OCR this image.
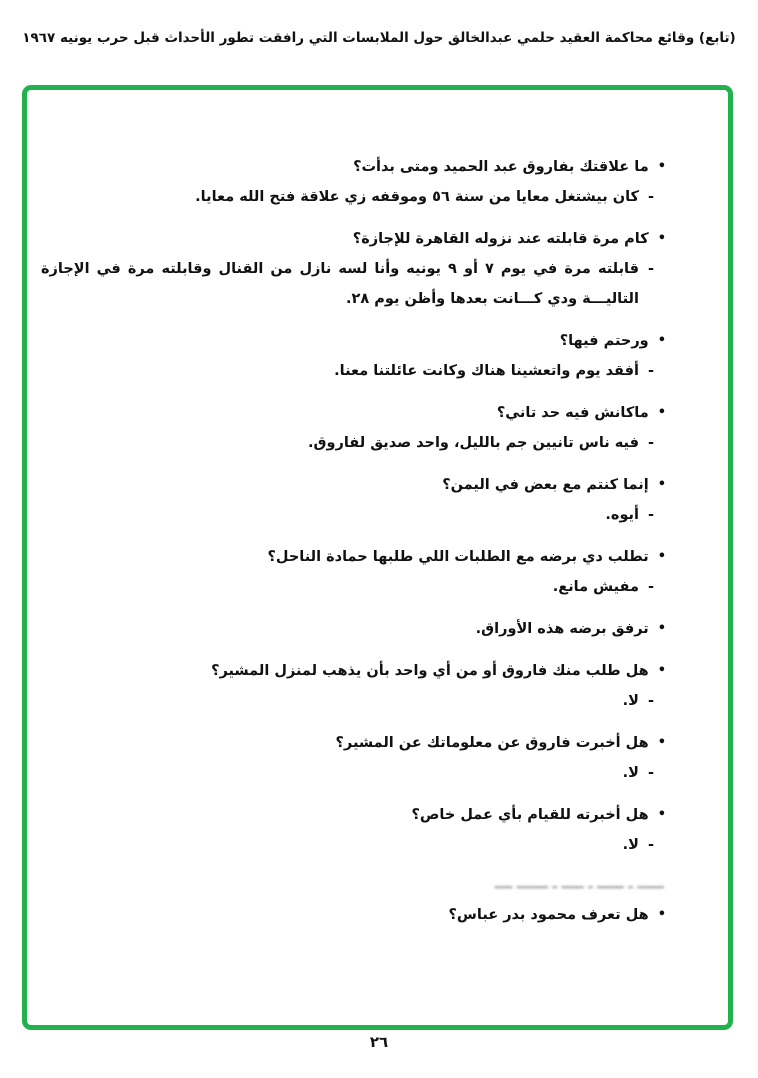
(تابع) وقائع محاكمة العقيد حلمي عبدالخالق حول الملابسات التي رافقت تطور الأحداث قبل حرب يونيه ١٩٦٧
•
ما علاقتك بفاروق عبد الحميد ومتى بدأت؟
-
كان بيشتغل معايا من سنة ٥٦ وموقفه زي علاقة فتح الله معايا.
•
كام مرة قابلته عند نزوله القاهرة للإجازة؟
-
قابلته مرة في يوم ٧ أو ٩ يونيه وأنا لسه نازل من القنال وقابلته مرة في الإجازة التاليـــة ودي كـــانت بعدها وأظن يوم ٢٨.
•
ورحتم فيها؟
-
أفقد يوم واتعشينا هناك وكانت عائلتنا معنا.
•
ماكانش فيه حد تاني؟
-
فيه ناس تانيين جم بالليل، واحد صديق لفاروق.
•
إنما كنتم مع بعض في اليمن؟
-
أيوه.
•
تطلب دي برضه مع الطلبات اللي طلبها حمادة الناحل؟
-
مفيش مانع.
•
ترفق برضه هذه الأوراق.
•
هل طلب منك فاروق أو من أي واحد بأن يذهب لمنزل المشير؟
-
لا.
•
هل أخبرت فاروق عن معلوماتك عن المشير؟
-
لا.
•
هل أخبرته للقيام بأي عمل خاص؟
-
لا.
ــــــ ـ ــــــ ـ ـــــ ـ ـــــــ ــــ
•
هل تعرف محمود بدر عباس؟
٢٦
